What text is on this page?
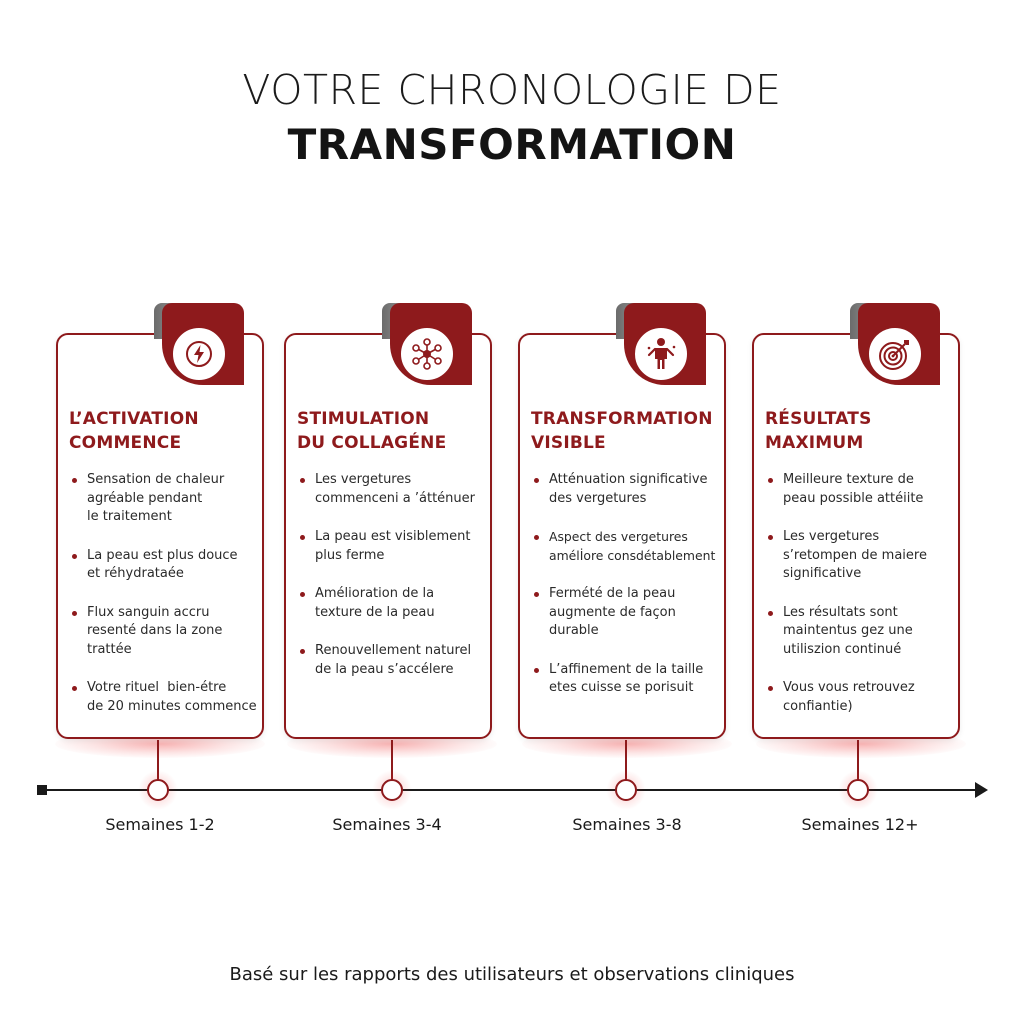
VOTRE CHRONOLOGIE DE
TRANSFORMATION
L’ACTIVATION
COMMENCE
Sensation de chaleur
agréable pendant
le traitement
La peau est plus douce
et réhydrataée
Flux sanguin accru
resenté dans la zone
trattée
Votre rituel  bien-étre
de 20 minutes commence
STIMULATION
DU COLLAGÉNE
Les vergetures
commenceni a ’átténuer
La peau est visiblement
plus ferme
Amélioration de la
texture de la peau
Renouvellement naturel
de la peau s’accélere
TRANSFORMATION
VISIBLE
Atténuation significative
des vergetures
Aspect des vergetures
amélİore consdétablement
Fermété de la peau
augmente de façon
durable
L’affinement de la taille
etes cuisse se porisuit
RÉSULTATS
MAXIMUM
Meilleure texture de
peau possible attéiite
Les vergetures
s’retompen de maiere
significative
Les résultats sont
maintentus gez une
utiliszion continué
Vous vous retrouvez
confiantie)
Semaines 1-2	Semaines 3-4	Semaines 3-8	Semaines 12+
Basé sur les rapports des utilisateurs et observations cliniques
